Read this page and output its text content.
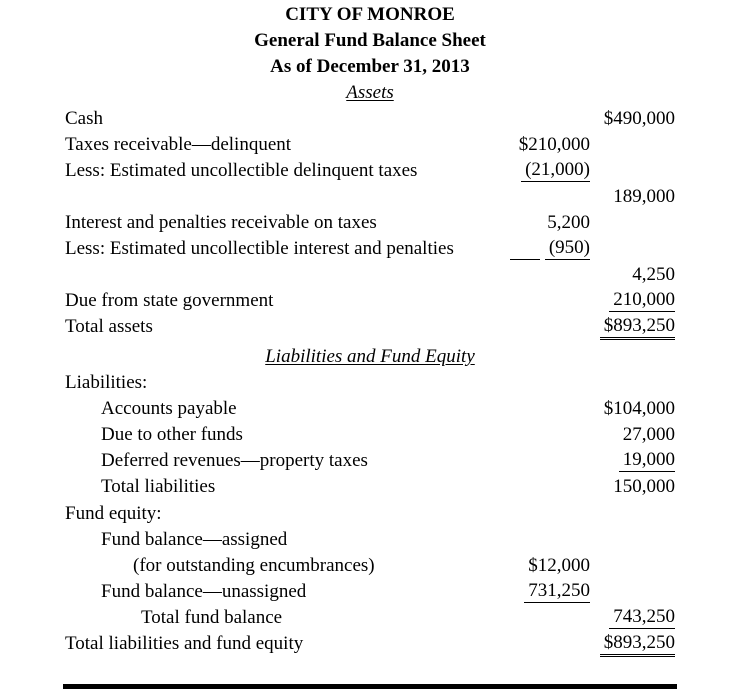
CITY OF MONROE
General Fund Balance Sheet
As of December 31, 2013
Assets
Cash	$490,000
Taxes receivable—delinquent	$210,000
Less: Estimated uncollectible delinquent taxes	(21,000)
189,000
Interest and penalties receivable on taxes	5,200
Less: Estimated uncollectible interest and penalties	(950)
4,250
Due from state government	210,000
Total assets	$893,250
Liabilities and Fund Equity
Liabilities:
Accounts payable	$104,000
Due to other funds	27,000
Deferred revenues—property taxes	19,000
Total liabilities	150,000
Fund equity:
Fund balance—assigned
(for outstanding encumbrances)	$12,000
Fund balance—unassigned	731,250
Total fund balance	743,250
Total liabilities and fund equity	$893,250
